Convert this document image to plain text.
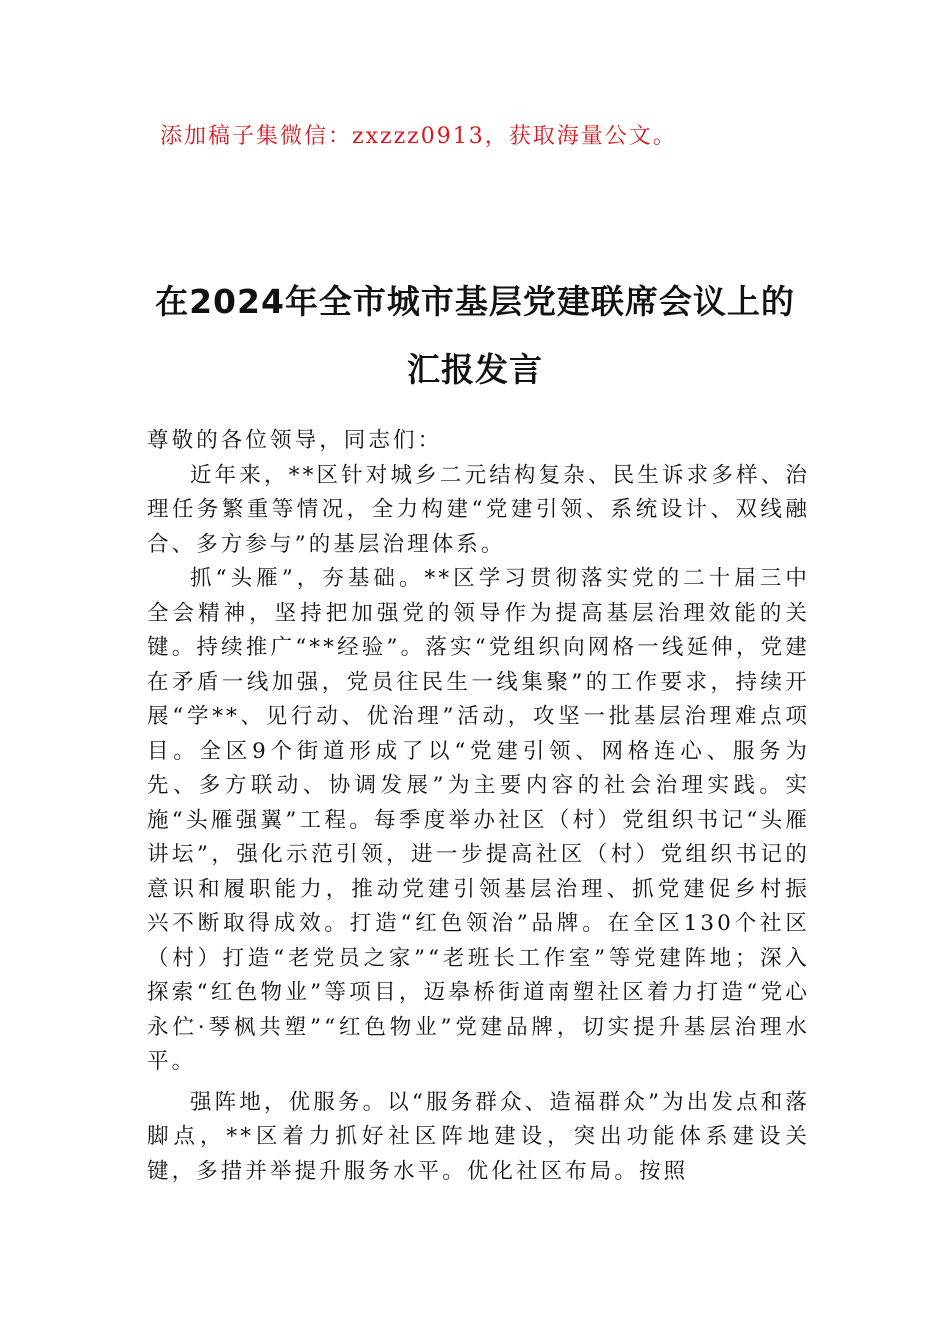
添加稿子集微信：zxzzz0913，获取海量公文。
在2024年全市城市基层党建联席会议上的
汇报发言

尊敬的各位领导，同志们：

近年来，**区针对城乡二元结构复杂、民生诉求多样、治理任务繁重等情况，全力构建“党建引领、系统设计、双线融合、多方参与”的基层治理体系。

抓“头雁”，夯基础。**区学习贯彻落实党的二十届三中全会精神，坚持把加强党的领导作为提高基层治理效能的关键。持续推广“**经验”。落实“党组织向网格一线延伸，党建在矛盾一线加强，党员往民生一线集聚”的工作要求，持续开展“学**、见行动、优治理”活动，攻坚一批基层治理难点项目。全区9个街道形成了以“党建引领、网格连心、服务为先、多方联动、协调发展”为主要内容的社会治理实践。实施“头雁强翼”工程。每季度举办社区（村）党组织书记“头雁讲坛”，强化示范引领，进一步提高社区（村）党组织书记的意识和履职能力，推动党建引领基层治理、抓党建促乡村振兴不断取得成效。打造“红色领治”品牌。在全区130个社区（村）打造“老党员之家”“老班长工作室”等党建阵地；深入探索“红色物业”等项目，迈皋桥街道南塑社区着力打造“党心永伫·琴枫共塑”“红色物业”党建品牌，切实提升基层治理水平。

强阵地，优服务。以“服务群众、造福群众”为出发点和落脚点，**区着力抓好社区阵地建设，突出功能体系建设关键，多措并举提升服务水平。优化社区布局。按照
